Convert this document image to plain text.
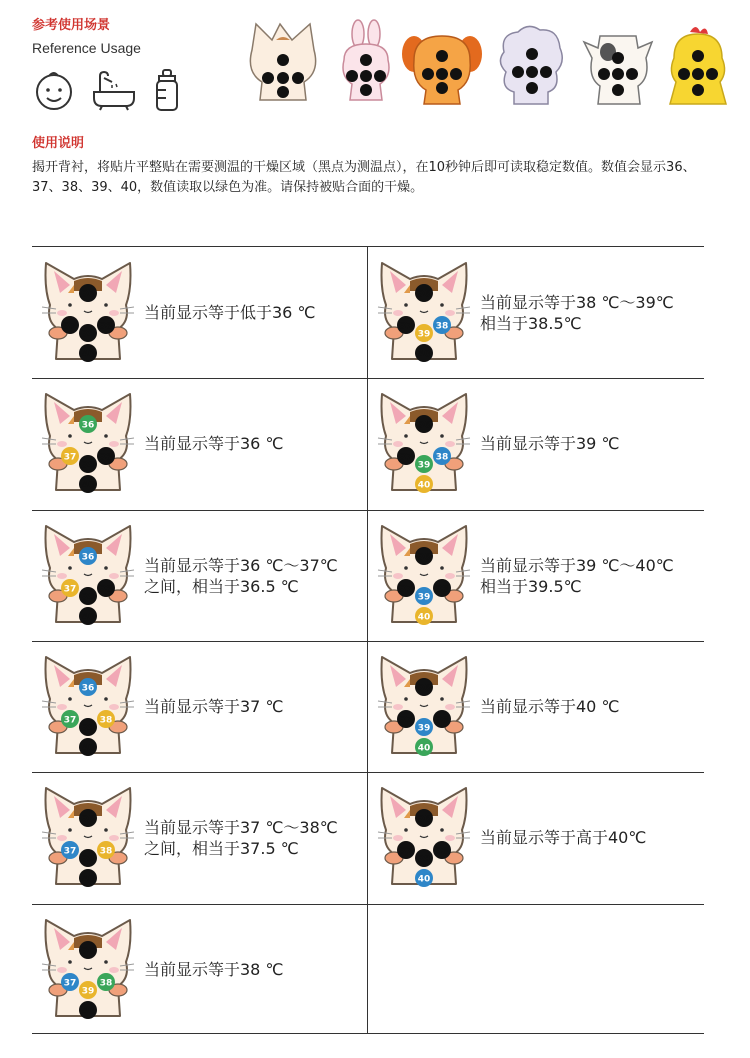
参考使用场景
Reference Usage
使用说明
揭开背衬，将贴片平整贴在需要测温的干燥区域（黑点为测温点），在10秒钟后即可读取稳定数值。数值会显示36、37、38、39、40，数值读取以绿色为准。请保持被贴合面的干燥。
36
37	38
39
40
当前显示等于低于36 ℃
36
37	38
39
40
当前显示等于38 ℃～39℃
相当于38.5℃
36
37	38
39
40
当前显示等于36 ℃
36
37	38
39
40
当前显示等于39 ℃
36
37	38
39
40
当前显示等于36 ℃～37℃
之间，相当于36.5 ℃
36
37	38
39
40
当前显示等于39 ℃～40℃
相当于39.5℃
36
37	38
39
40
当前显示等于37 ℃
36
37	38
39
40
当前显示等于40 ℃
36
37	38
39
40
当前显示等于37 ℃～38℃
之间，相当于37.5 ℃
36
37	38
39
40
当前显示等于高于40℃
36
37	38
39
40
当前显示等于38 ℃
